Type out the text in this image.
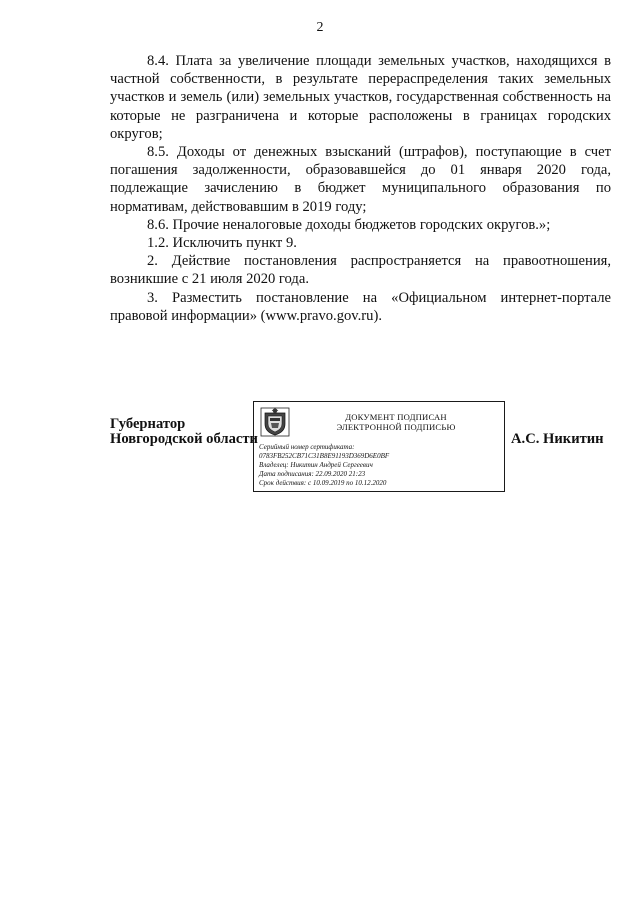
2

8.4. Плата за увеличение площади земельных участков, находящихся в частной собственности, в результате перераспределения таких земельных участков и земель (или) земельных участков, государственная собственность на которые не разграничена и которые расположены в границах городских округов;

8.5. Доходы от денежных взысканий (штрафов), поступающие в счет погашения задолженности, образовавшейся до 01 января 2020 года, подлежащие зачислению в бюджет муниципального образования по нормативам, действовавшим в 2019 году;

8.6. Прочие неналоговые доходы бюджетов городских округов.»;

1.2. Исключить пункт 9.

2. Действие постановления распространяется на правоотношения, возникшие с 21 июля 2020 года.

3. Разместить постановление на «Официальном интернет-портале правовой информации» (www.pravo.gov.ru).

Губернатор
Новгородской области
ДОКУМЕНТ ПОДПИСАН
ЭЛЕКТРОННОЙ ПОДПИСЬЮ
Серийный номер сертификата:
0783FB252CB71C31B8E91193D369D6E0BF
Владелец: Никитин Андрей Сергеевич
Дата подписания: 22.09.2020 21:23
Срок действия: с 10.09.2019 по 10.12.2020
А.С. Никитин
